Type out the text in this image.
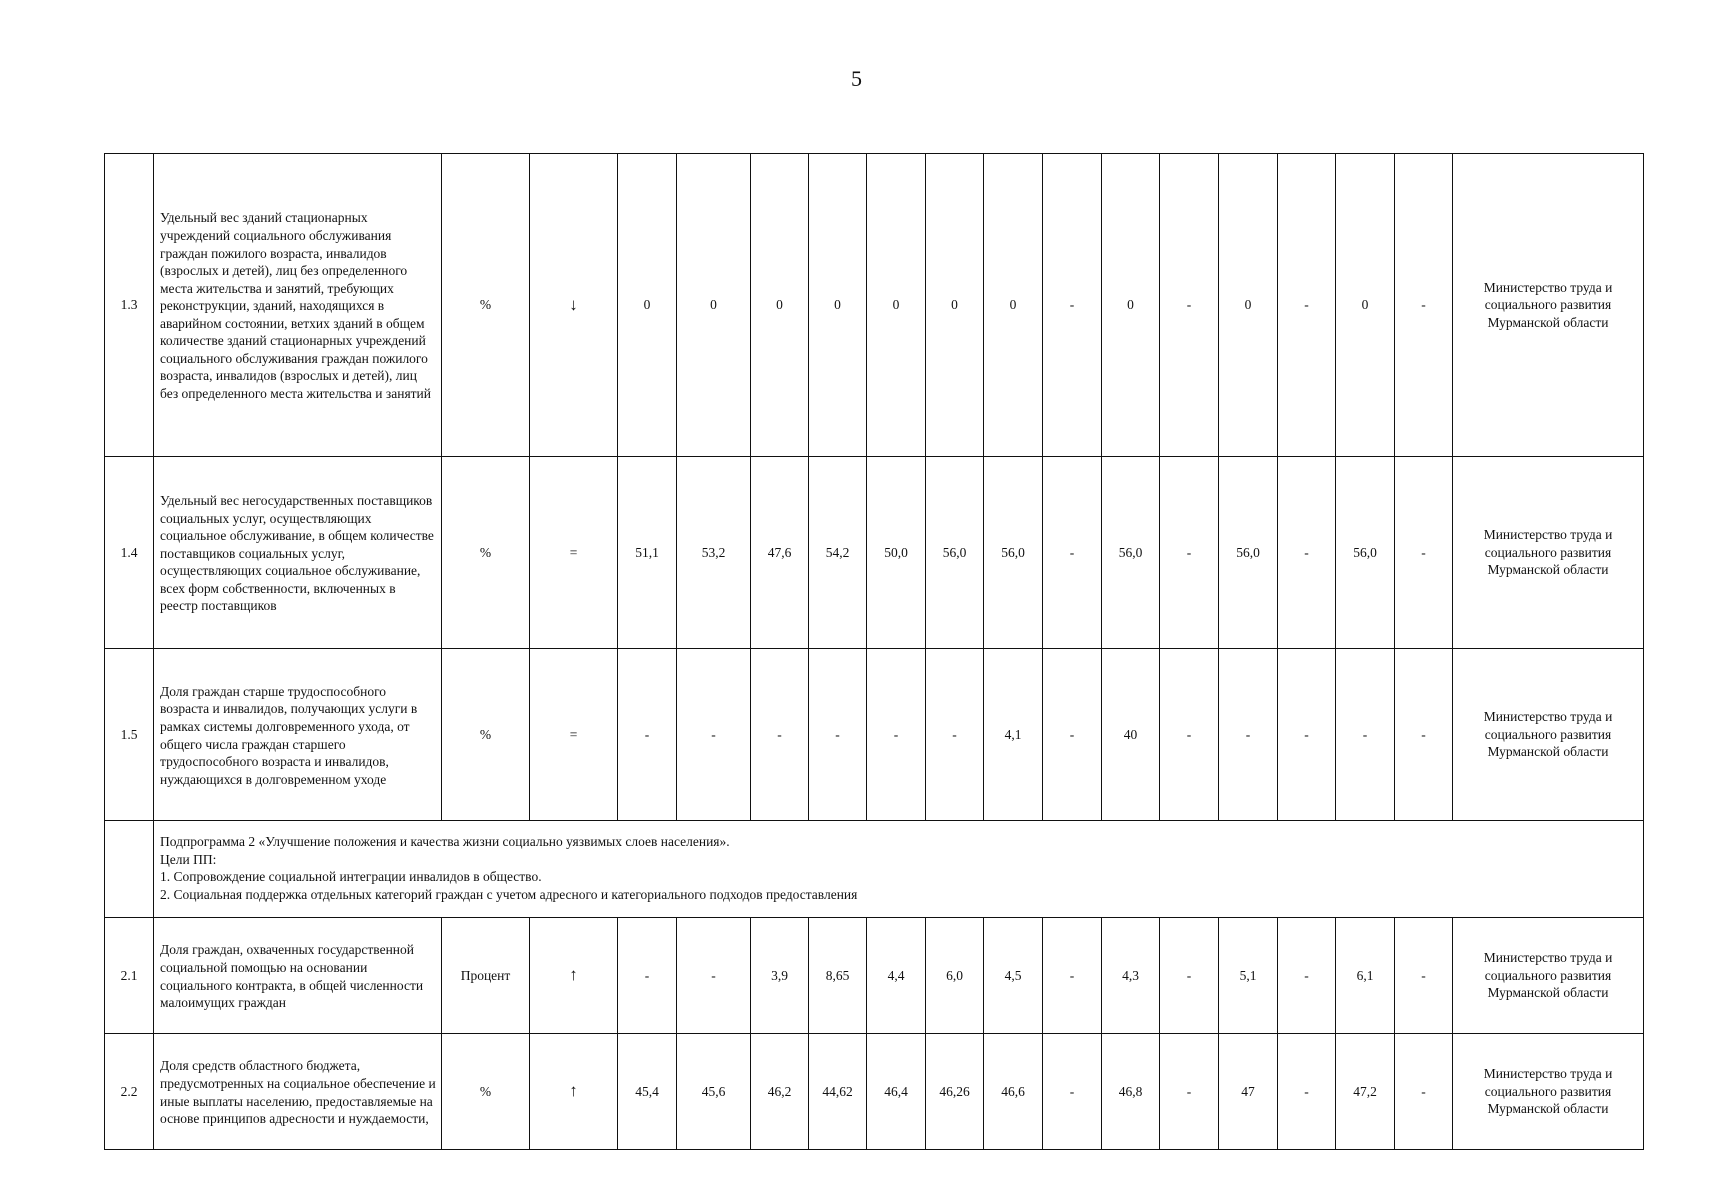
5
1.3	Удельный вес зданий стационарных учреждений социального обслуживания граждан пожилого возраста, инвалидов (взрослых и детей), лиц без определенного места жительства и занятий, требующих реконструкции, зданий, находящихся в аварийном состоянии, ветхих зданий в общем количестве зданий стационарных учреждений социального обслуживания граждан пожилого возраста, инвалидов (взрослых и детей), лиц без определенного места жительства и занятий	%	↓	0	0	0	0	0	0	0	-	0	-	0	-	0	-	Министерство труда и социального развития Мурманской области
1.4	Удельный вес негосударственных поставщиков социальных услуг, осуществляющих социальное обслуживание, в общем количестве поставщиков социальных услуг, осуществляющих социальное обслуживание, всех форм собственности, включенных в реестр поставщиков	%	=	51,1	53,2	47,6	54,2	50,0	56,0	56,0	-	56,0	-	56,0	-	56,0	-	Министерство труда и социального развития Мурманской области
1.5	Доля граждан старше трудоспособного возраста и инвалидов, получающих услуги в рамках системы долговременного ухода, от общего числа граждан старшего трудоспособного возраста и инвалидов, нуждающихся в долговременном уходе	%	=	-	-	-	-	-	-	4,1	-	40	-	-	-	-	-	Министерство труда и социального развития Мурманской области

	Подпрограмма 2 «Улучшение положения и качества жизни социально уязвимых слоев населения».
Цели ПП:
1. Сопровождение социальной интеграции инвалидов в общество.
2. Социальная поддержка отдельных категорий граждан с учетом адресного и категориального подходов предоставления																	

2.1	Доля граждан, охваченных государственной социальной помощью на основании социального контракта, в общей численности малоимущих граждан	Процент	↑	-	-	3,9	8,65	4,4	6,0	4,5	-	4,3	-	5,1	-	6,1	-	Министерство труда и социального развития Мурманской области
2.2	Доля средств областного бюджета, предусмотренных на социальное обеспечение и иные выплаты населению, предоставляемые на основе принципов адресности и нуждаемости,	%	↑	45,4	45,6	46,2	44,62	46,4	46,26	46,6	-	46,8	-	47	-	47,2	-	Министерство труда и социального развития Мурманской области
